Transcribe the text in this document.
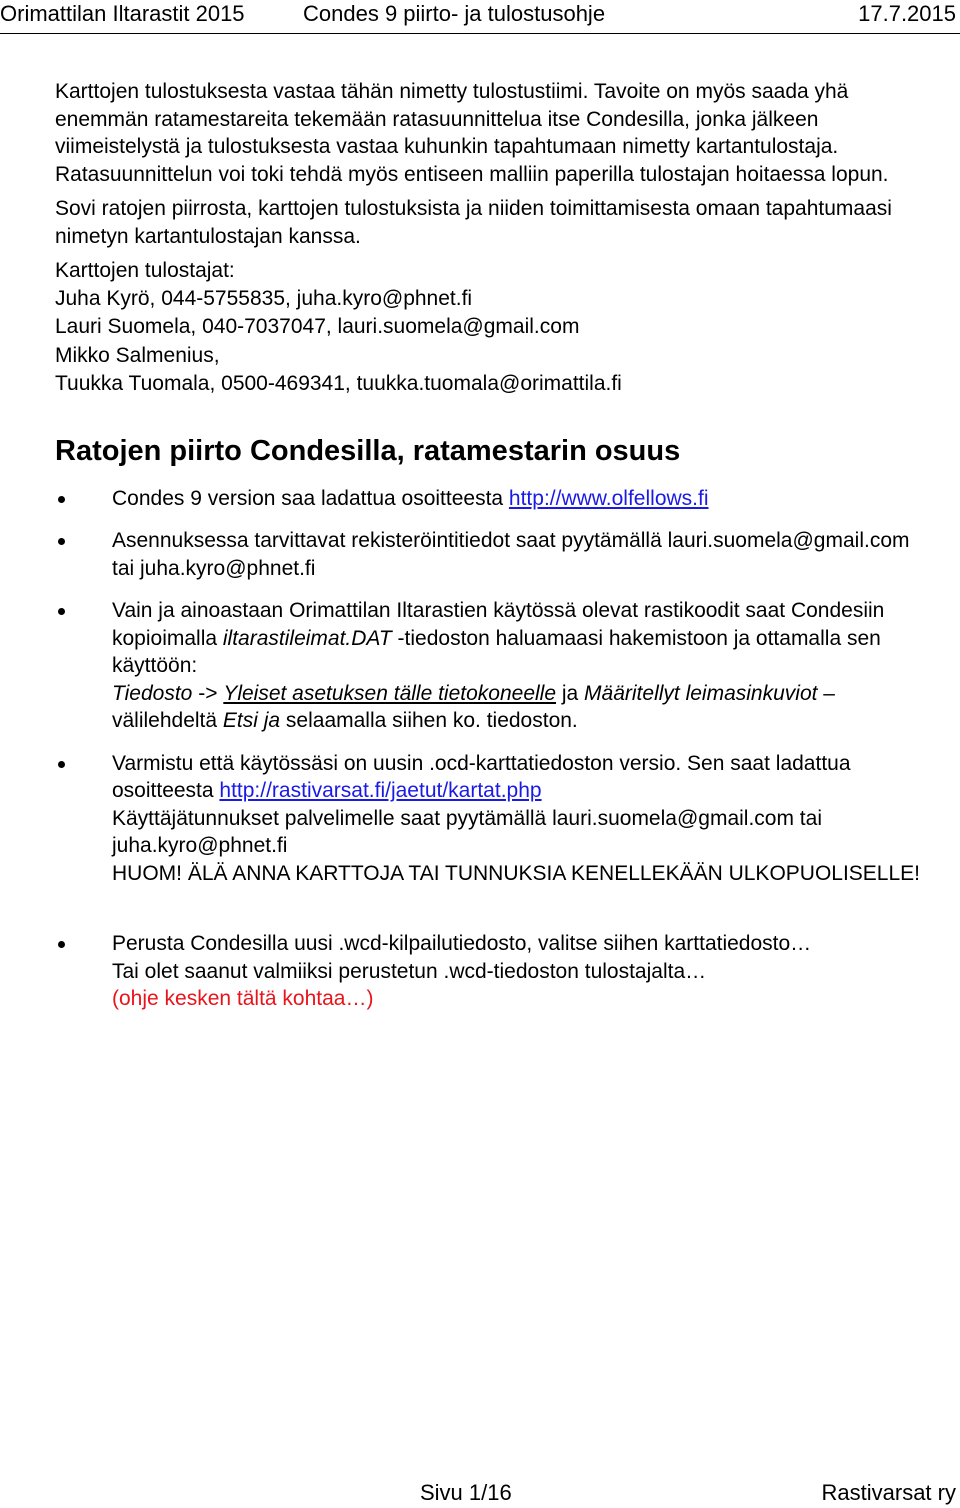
Orimattilan Iltarastit 2015	Condes 9 piirto- ja tulostusohje	17.7.2015

Karttojen tulostuksesta vastaa tähän nimetty tulostustiimi. Tavoite on myös saada yhä enemmän ratamestareita tekemään ratasuunnittelua itse Condesilla, jonka jälkeen viimeistelystä ja tulostuksesta vastaa kuhunkin tapahtumaan nimetty kartantulostaja. Ratasuunnittelun voi toki tehdä myös entiseen malliin paperilla tulostajan hoitaessa lopun.

Sovi ratojen piirrosta, karttojen tulostuksista ja niiden toimittamisesta omaan tapahtumaasi nimetyn kartantulostajan kanssa.

Karttojen tulostajat:

Juha Kyrö, 044-5755835, juha.kyro@phnet.fi

Lauri Suomela, 040-7037047, lauri.suomela@gmail.com

Mikko Salmenius,

Tuukka Tuomala, 0500-469341, tuukka.tuomala@orimattila.fi

Ratojen piirto Condesilla, ratamestarin osuus
Condes 9 version saa ladattua osoitteesta http://www.olfellows.fi
Asennuksessa tarvittavat rekisteröintitiedot saat pyytämällä lauri.suomela@gmail.com tai juha.kyro@phnet.fi
Vain ja ainoastaan Orimattilan Iltarastien käytössä olevat rastikoodit saat Condesiin kopioimalla iltarastileimat.DAT -tiedoston haluamaasi hakemistoon ja ottamalla sen käyttöön:
Tiedosto -> Yleiset asetuksen tälle tietokoneelle ja Määritellyt leimasinkuviot –
välilehdeltä Etsi ja selaamalla siihen ko. tiedoston.
Varmistu että käytössäsi on uusin .ocd-karttatiedoston versio. Sen saat ladattua osoitteesta http://rastivarsat.fi/jaetut/kartat.php
Käyttäjätunnukset palvelimelle saat pyytämällä lauri.suomela@gmail.com tai juha.kyro@phnet.fi
HUOM! ÄLÄ ANNA KARTTOJA TAI TUNNUKSIA KENELLEKÄÄN ULKOPUOLISELLE!
Perusta Condesilla uusi .wcd-kilpailutiedosto, valitse siihen karttatiedosto…
Tai olet saanut valmiiksi perustetun .wcd-tiedoston tulostajalta…
(ohje kesken tältä kohtaa…)
Sivu 1/16	Rastivarsat ry
